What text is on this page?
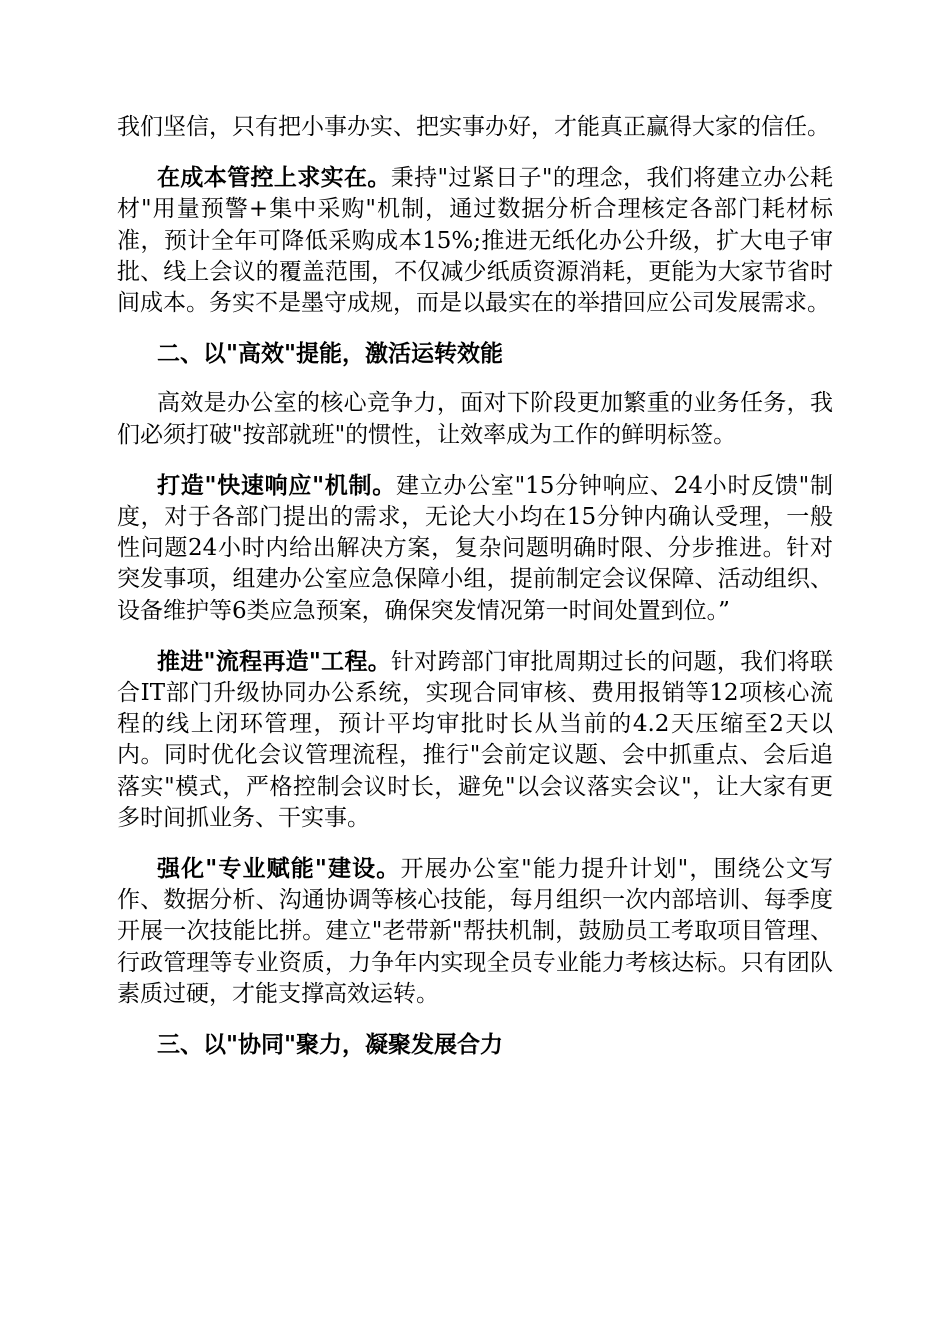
我们坚信，只有把小事办实、把实事办好，才能真正赢得大家的信任。

在成本管控上求实在。秉持"过紧日子"的理念，我们将建立办公耗材"用量预警+集中采购"机制，通过数据分析合理核定各部门耗材标准，预计全年可降低采购成本15%;推进无纸化办公升级，扩大电子审批、线上会议的覆盖范围，不仅减少纸质资源消耗，更能为大家节省时间成本。务实不是墨守成规，而是以最实在的举措回应公司发展需求。

二、以"高效"提能，激活运转效能

高效是办公室的核心竞争力，面对下阶段更加繁重的业务任务，我们必须打破"按部就班"的惯性，让效率成为工作的鲜明标签。

打造"快速响应"机制。建立办公室"15分钟响应、24小时反馈"制度，对于各部门提出的需求，无论大小均在15分钟内确认受理，一般性问题24小时内给出解决方案，复杂问题明确时限、分步推进。针对突发事项，组建办公室应急保障小组，提前制定会议保障、活动组织、设备维护等6类应急预案，确保突发情况第一时间处置到位。”

推进"流程再造"工程。针对跨部门审批周期过长的问题，我们将联合IT部门升级协同办公系统，实现合同审核、费用报销等12项核心流程的线上闭环管理，预计平均审批时长从当前的4.2天压缩至2天以内。同时优化会议管理流程，推行"会前定议题、会中抓重点、会后追落实"模式，严格控制会议时长，避免"以会议落实会议"，让大家有更多时间抓业务、干实事。

强化"专业赋能"建设。开展办公室"能力提升计划"，围绕公文写作、数据分析、沟通协调等核心技能，每月组织一次内部培训、每季度开展一次技能比拼。建立"老带新"帮扶机制，鼓励员工考取项目管理、行政管理等专业资质，力争年内实现全员专业能力考核达标。只有团队素质过硬，才能支撑高效运转。

三、以"协同"聚力，凝聚发展合力
